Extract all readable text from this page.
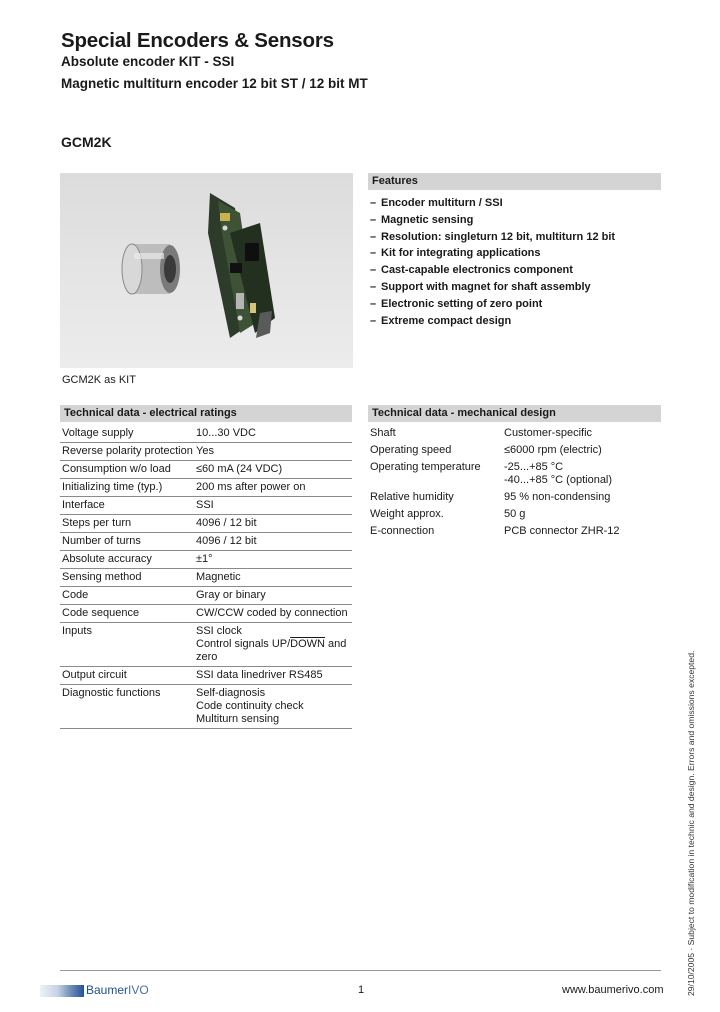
Special Encoders & Sensors
Absolute encoder KIT - SSI
Magnetic multiturn encoder 12 bit ST / 12 bit MT
GCM2K
GCM2K as KIT
Features
– Encoder multiturn / SSI
– Magnetic sensing
– Resolution: singleturn 12 bit, multiturn 12 bit
– Kit for integrating applications
– Cast-capable electronics component
– Support with magnet for shaft assembly
– Electronic setting of zero point
– Extreme compact design
Technical data - electrical ratings
Voltage supply	10...30 VDC
Reverse polarity protection	Yes
Consumption w/o load	≤60 mA (24 VDC)
Initializing time (typ.)	200 ms after power on
Interface	SSI
Steps per turn	4096 / 12 bit
Number of turns	4096 / 12 bit
Absolute accuracy	±1°
Sensing method	Magnetic
Code	Gray or binary
Code sequence	CW/CCW coded by connection
Inputs	SSI clock
Control signals UP/DOWN and
zero

Output circuit	SSI data linedriver RS485
Diagnostic functions	Self-diagnosis
Code continuity check
Multiturn sensing
Technical data - mechanical design
Shaft	Customer-specific
Operating speed	≤6000 rpm (electric)
Operating temperature	-25...+85 °C
-40...+85 °C (optional)

Relative humidity	95 % non-condensing
Weight approx.	50 g
E-connection	PCB connector ZHR-12
29/10/2005 · Subject to modification in technic and design. Errors and omissions excepted.
BaumerIVO	1	www.baumerivo.com
